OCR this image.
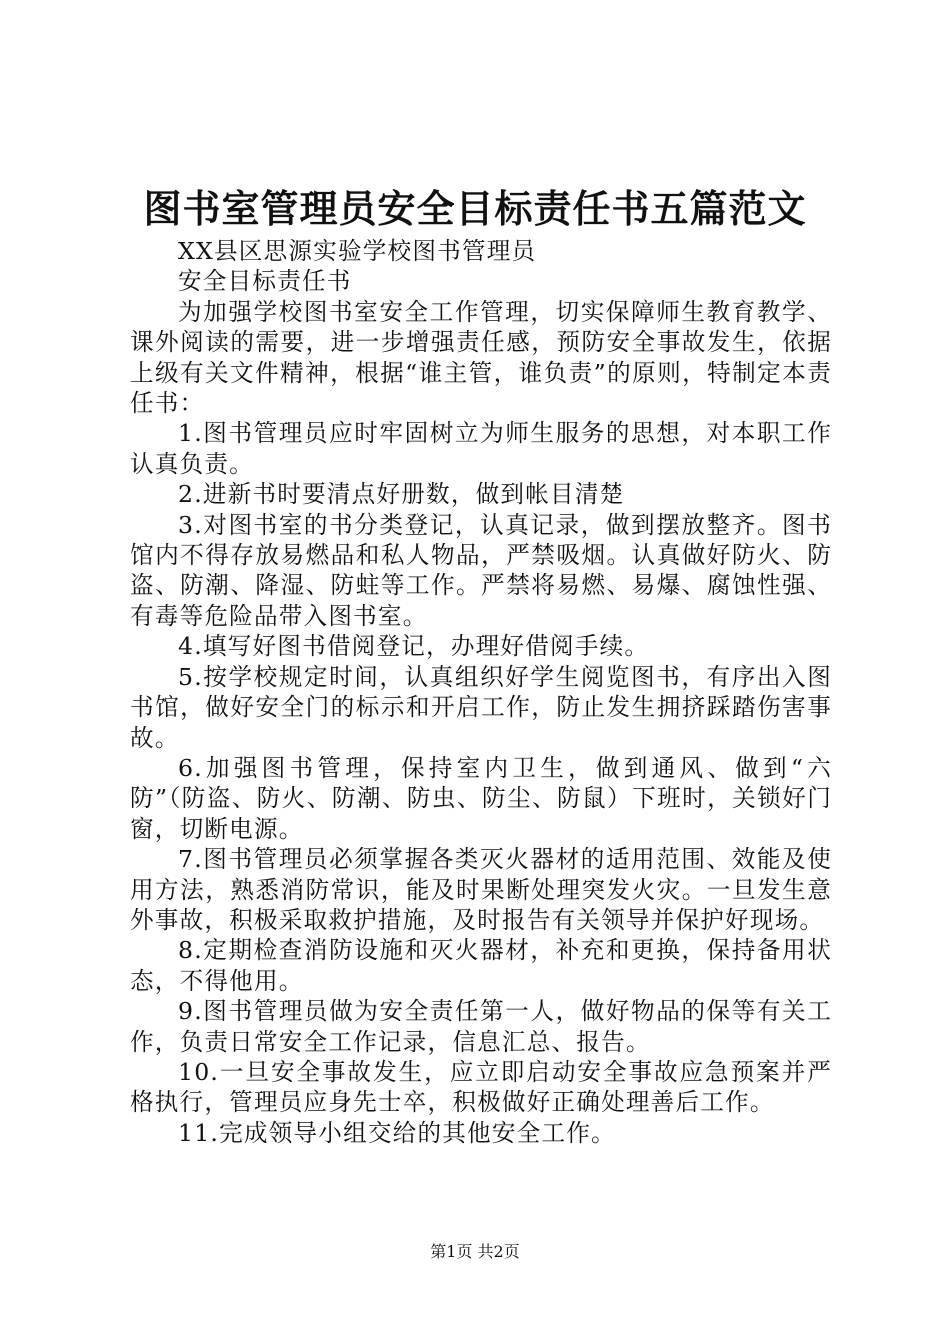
图书室管理员安全目标责任书五篇范文

XX县区思源实验学校图书管理员

安全目标责任书

为加强学校图书室安全工作管理，切实保障师生教育教学、课外阅读的需要，进一步增强责任感，预防安全事故发生，依据上级有关文件精神，根据“谁主管，谁负责”的原则，特制定本责任书：

1.图书管理员应时牢固树立为师生服务的思想，对本职工作认真负责。

2.进新书时要清点好册数，做到帐目清楚

3.对图书室的书分类登记，认真记录，做到摆放整齐。图书馆内不得存放易燃品和私人物品，严禁吸烟。认真做好防火、防盗、防潮、降湿、防蛀等工作。严禁将易燃、易爆、腐蚀性强、有毒等危险品带入图书室。

4.填写好图书借阅登记，办理好借阅手续。

5.按学校规定时间，认真组织好学生阅览图书，有序出入图书馆，做好安全门的标示和开启工作，防止发生拥挤踩踏伤害事故。

6.加强图书管理，保持室内卫生，做到通风、做到“六防”（防盗、防火、防潮、防虫、防尘、防鼠）下班时，关锁好门窗，切断电源。

7.图书管理员必须掌握各类灭火器材的适用范围、效能及使用方法，熟悉消防常识，能及时果断处理突发火灾。一旦发生意外事故，积极采取救护措施，及时报告有关领导并保护好现场。

8.定期检查消防设施和灭火器材，补充和更换，保持备用状态，不得他用。

9.图书管理员做为安全责任第一人，做好物品的保等有关工作，负责日常安全工作记录，信息汇总、报告。

10.一旦安全事故发生，应立即启动安全事故应急预案并严格执行，管理员应身先士卒，积极做好正确处理善后工作。

11.完成领导小组交给的其他安全工作。

第1页 共2页
